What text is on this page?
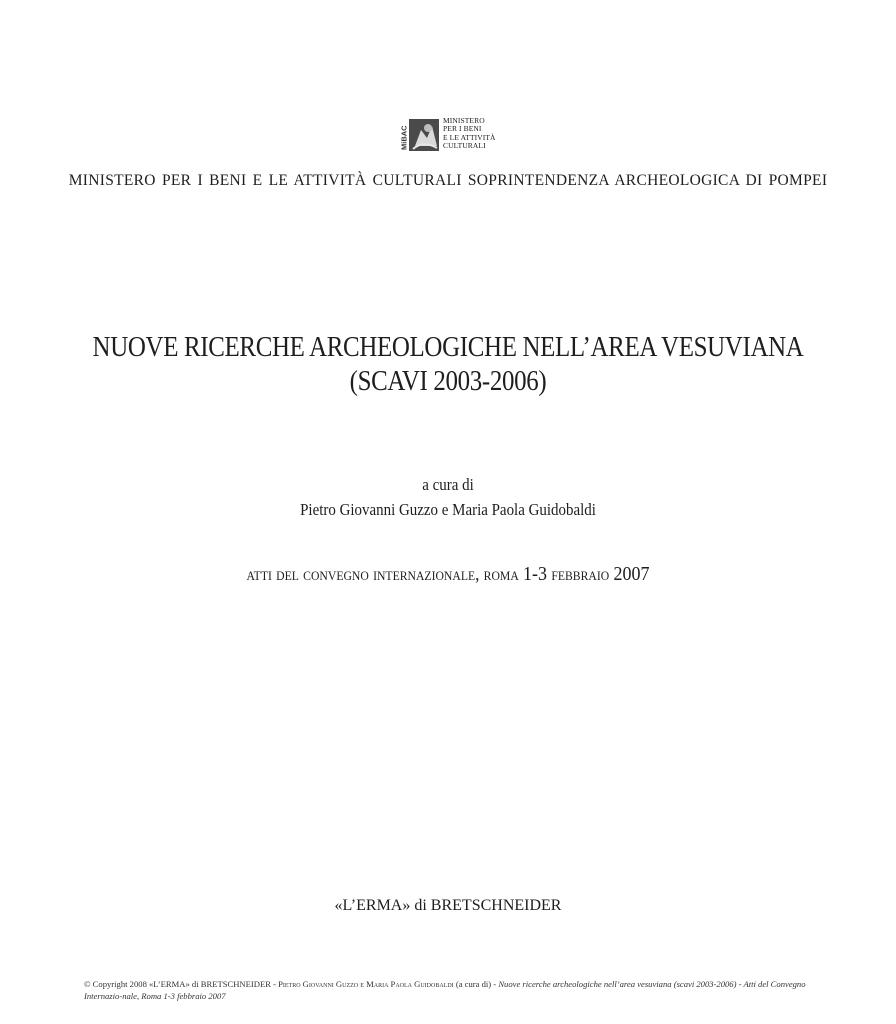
MiBAC
MINISTERO
PER I BENI
E LE ATTIVITÀ
CULTURALI
MINISTERO PER I BENI E LE ATTIVITÀ CULTURALI SOPRINTENDENZA ARCHEOLOGICA DI POMPEI
NUOVE RICERCHE ARCHEOLOGICHE NELL’AREA VESUVIANA
(SCAVI 2003-2006)
a cura di
Pietro Giovanni Guzzo e Maria Paola Guidobaldi
atti del convegno internazionale, roma 1-3 febbraio 2007
«L’ERMA» di BRETSCHNEIDER
© Copyright 2008 «L’ERMA» di BRETSCHNEIDER - Pietro Giovanni Guzzo e Maria Paola Guidobaldi (a cura di) - Nuove ricerche archeologiche nell’area vesuviana (scavi 2003-2006) - Atti del Convegno Internazio-nale, Roma 1-3 febbraio 2007
